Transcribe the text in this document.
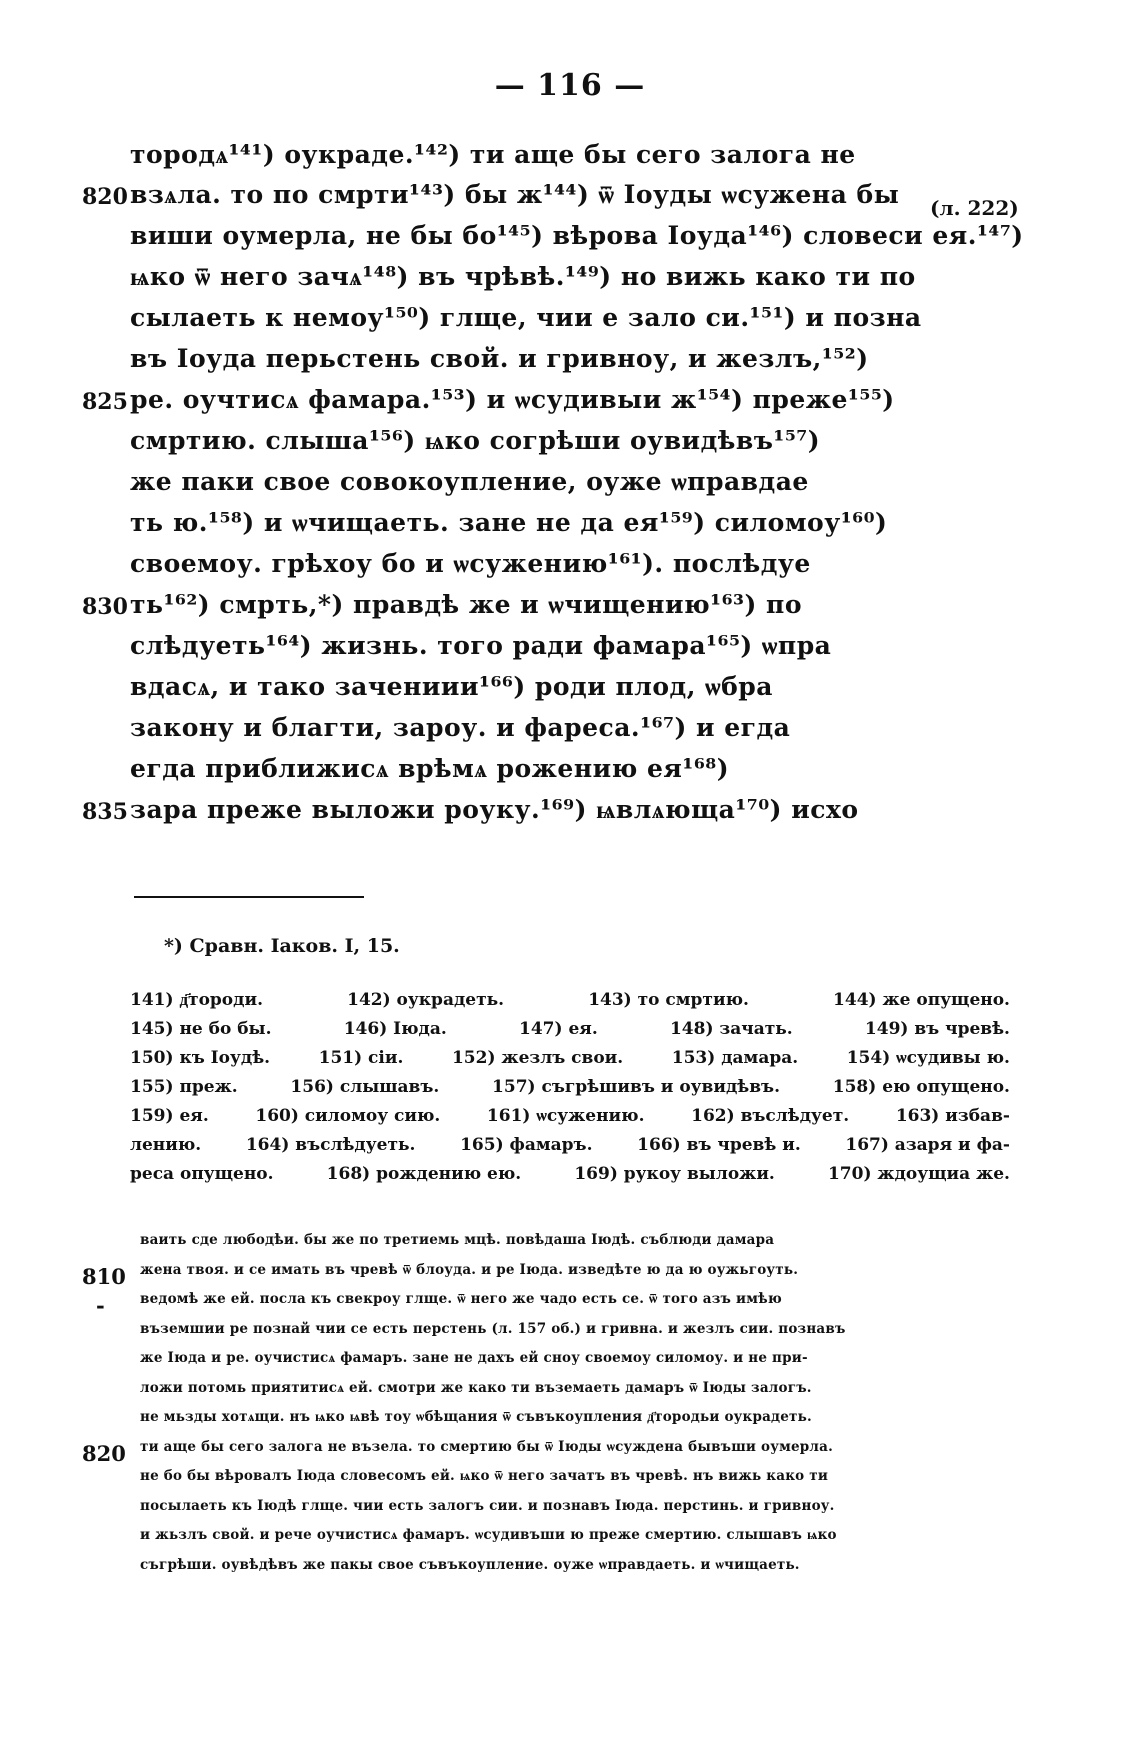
— 116 —
тородѧ¹⁴¹) оукраде.¹⁴²) ти аще бы сего залога не
взѧла. то по смрти¹⁴³) бы ж¹⁴⁴) ѿ Ιоуды ѡсужена бы
виши оумерла, не бы бо¹⁴⁵) вѣрова Ιоуда¹⁴⁶) словеси ея.¹⁴⁷)
ѩко ѿ него зачѧ¹⁴⁸) въ чрѣвѣ.¹⁴⁹) но вижь како ти по
сылаеть к немоу¹⁵⁰) глще, чии е зало си.¹⁵¹) и позна
въ Ιоуда перьстень свой. и гривноу, и жезлъ,¹⁵²)
ре. оучтисѧ фамара.¹⁵³) и ѡсудивыи ж¹⁵⁴) преже¹⁵⁵)
смртию. слыша¹⁵⁶) ѩко согрѣши оувидѣвъ¹⁵⁷)
же паки свое совокоупление, оуже ѡправдае
ть ю.¹⁵⁸) и ѡчищаеть. зане не да ея¹⁵⁹) силомоу¹⁶⁰)
своемоу. грѣхоу бо и ѡсужению¹⁶¹). послѣдуе
ть¹⁶²) смрть,*) правдѣ же и ѡчищению¹⁶³) по
слѣдуеть¹⁶⁴) жизнь. того ради фамара¹⁶⁵) ѡпра
вдасѧ, и тако зачениии¹⁶⁶) роди плод, ѡбра
закону и благти, зароу. и фареса.¹⁶⁷) и егда
егда приближисѧ врѣмѧ рожению ея¹⁶⁸)
зара преже выложи роуку.¹⁶⁹) ѩвлѧюща¹⁷⁰) исхо
820
825
830
835
(л. 222)
*) Сравн. Iаков. I, 15.
141) д҃тороди.	142) оукрадеть.	143) то смртию.	144) же опущено.
145) не бо бы.	146) Ιюда.	147) ея.	148) зачать.	149) въ чревѣ.
150) къ Ιоудѣ.	151) сiи.	152) жезлъ свои.	153) дамара.	154) ѡсудивы ю.
155) преж.	156) слышавъ.	157) съгрѣшивъ и оувидѣвъ.	158) ею опущено.
159) ея.	160) силомоу сию.	161) ѡсужению.	162) въслѣдует.	163) избав-
лению.	164) въслѣдуеть.	165) фамаръ.	166) въ чревѣ и.	167) азаря и фа-
реса опущено.	168) рождению ею.	169) рукоу выложи.	170) ждоущиа же.
ваить сде любодѣи. бы же по третиемь мцѣ. повѣдаша Ιюдѣ. съблюди дамара
жена твоя. и се имать въ чревѣ ѿ блоуда. и ре Ιюда. изведѣте ю да ю оужьгоуть.
ведомѣ же ей. посла къ свекроу глще. ѿ него же чадо есть се. ѿ того азъ имѣю
въземшии ре познай чии се есть перстень (л. 157 об.) и гривна. и жезлъ сии. познавъ
же Ιюда и ре. оучистисѧ фамаръ. зане не дахъ ей сноу своемоу силомоу. и не при-
ложи потомь приятитисѧ ей. смотри же како ти въземаеть дамаръ ѿ Ιюды залогъ.
не мьзды хотѧщи. нъ ѩко ѩвѣ тоу ѡбѣщания ѿ съвъкоупления д҃тородьи оукрадеть.
ти аще бы сего залога не възела. то смертию бы ѿ Ιюды ѡсуждена бывъши оумерла.
не бо бы вѣровалъ Ιюда словесомъ ей. ѩко ѿ него зачатъ въ чревѣ. нъ вижь како ти
посылаеть къ Ιюдѣ глще. чии есть залогъ сии. и познавъ Ιюда. перстинь. и гривноу.
и жьзлъ свой. и рече оучистисѧ фамаръ. ѡсудивъши ю преже смертию. слышавъ ѩко
съгрѣши. оувѣдѣвъ же пакы свое съвъкоупление. оуже ѡправдаеть. и ѡчищаеть.
810
-
820
